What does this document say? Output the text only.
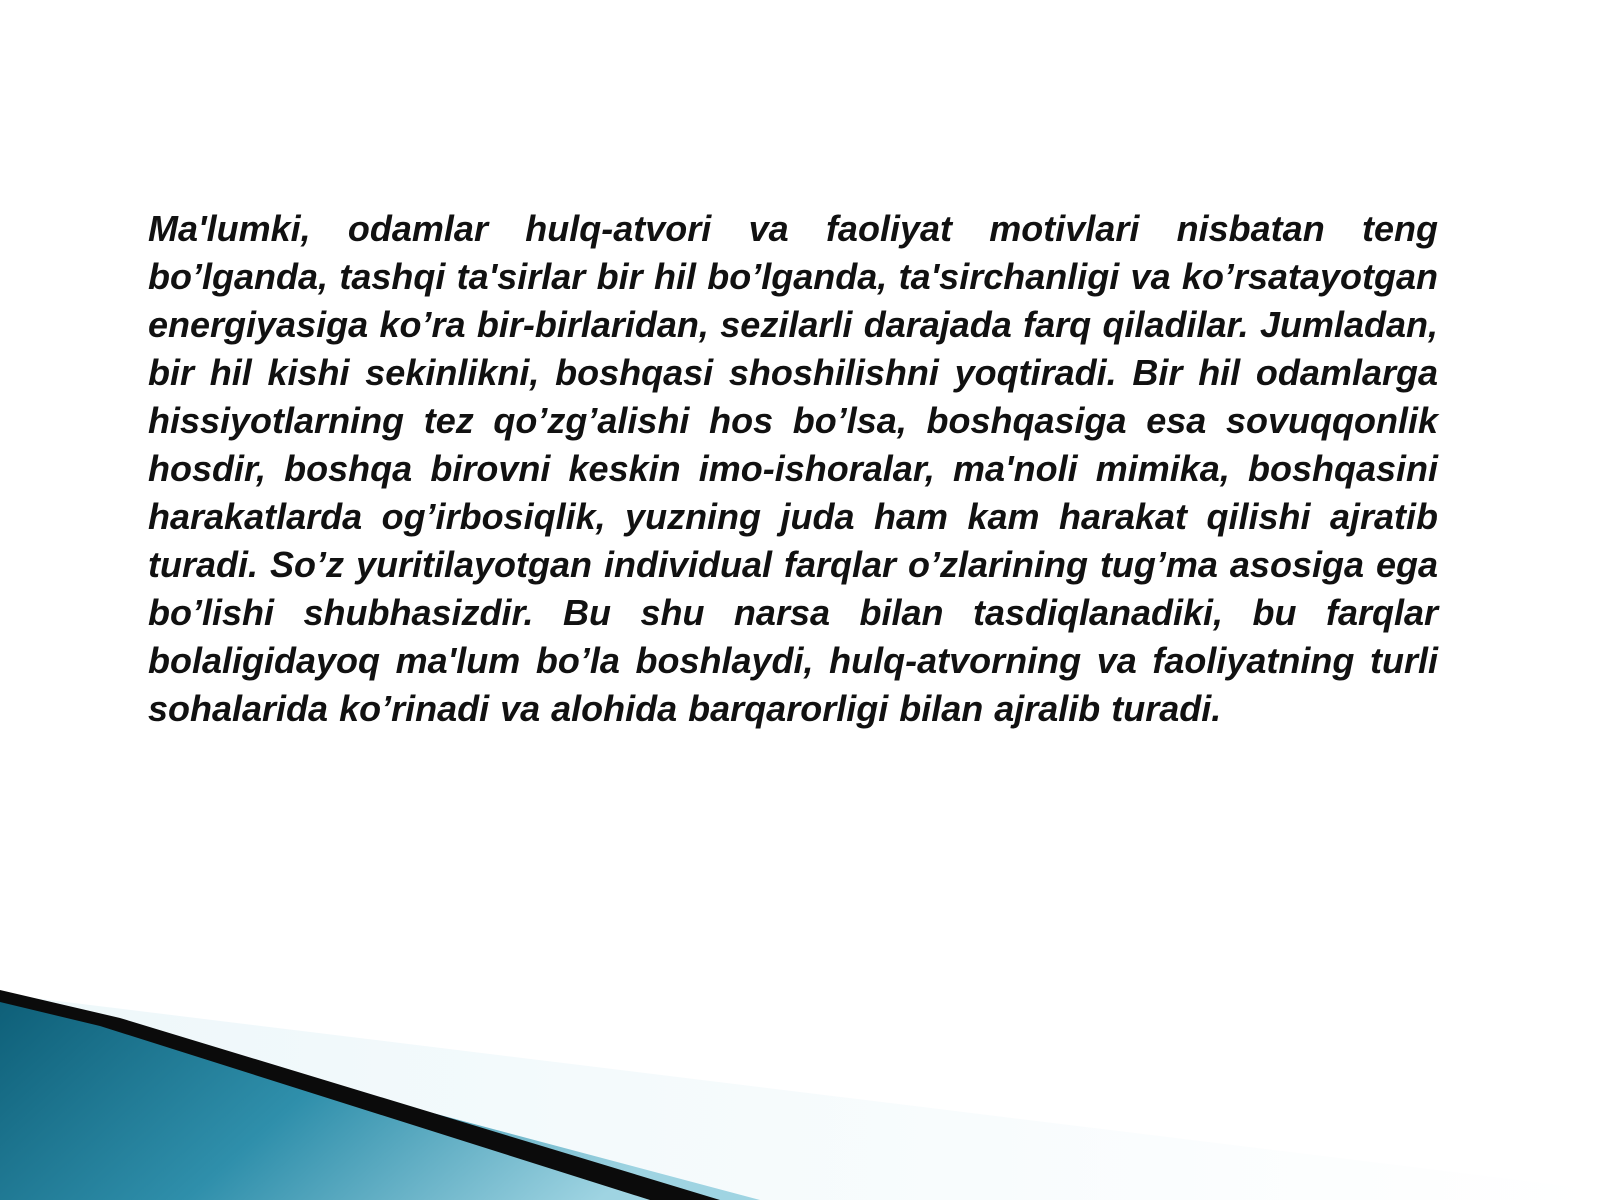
Ma'lumki, odamlar hulq-atvori va faoliyat motivlari nisbatan teng bo’lganda, tashqi ta'sirlar bir hil bo’lganda, ta'sirchanligi va ko’rsatayotgan energiyasiga ko’ra bir-birlaridan, sezilarli darajada farq qiladilar. Jumladan, bir hil kishi sekinlikni, boshqasi shoshilishni yoqtiradi. Bir hil odamlarga hissiyotlarning tez qo’zg’alishi hos bo’lsa, boshqasiga esa sovuqqonlik hosdir, boshqa birovni keskin imo-ishoralar, ma'noli mimika, boshqasini harakatlarda og’irbosiqlik, yuzning juda ham kam harakat qilishi ajratib turadi. So’z yuritilayotgan individual farqlar o’zlarining tug’ma asosiga ega bo’lishi shubhasizdir. Bu shu narsa bilan tasdiqlanadiki, bu farqlar bolaligidayoq ma'lum bo’la boshlaydi, hulq-atvorning va faoliyatning turli sohalarida ko’rinadi va alohida barqarorligi bilan ajralib turadi.
